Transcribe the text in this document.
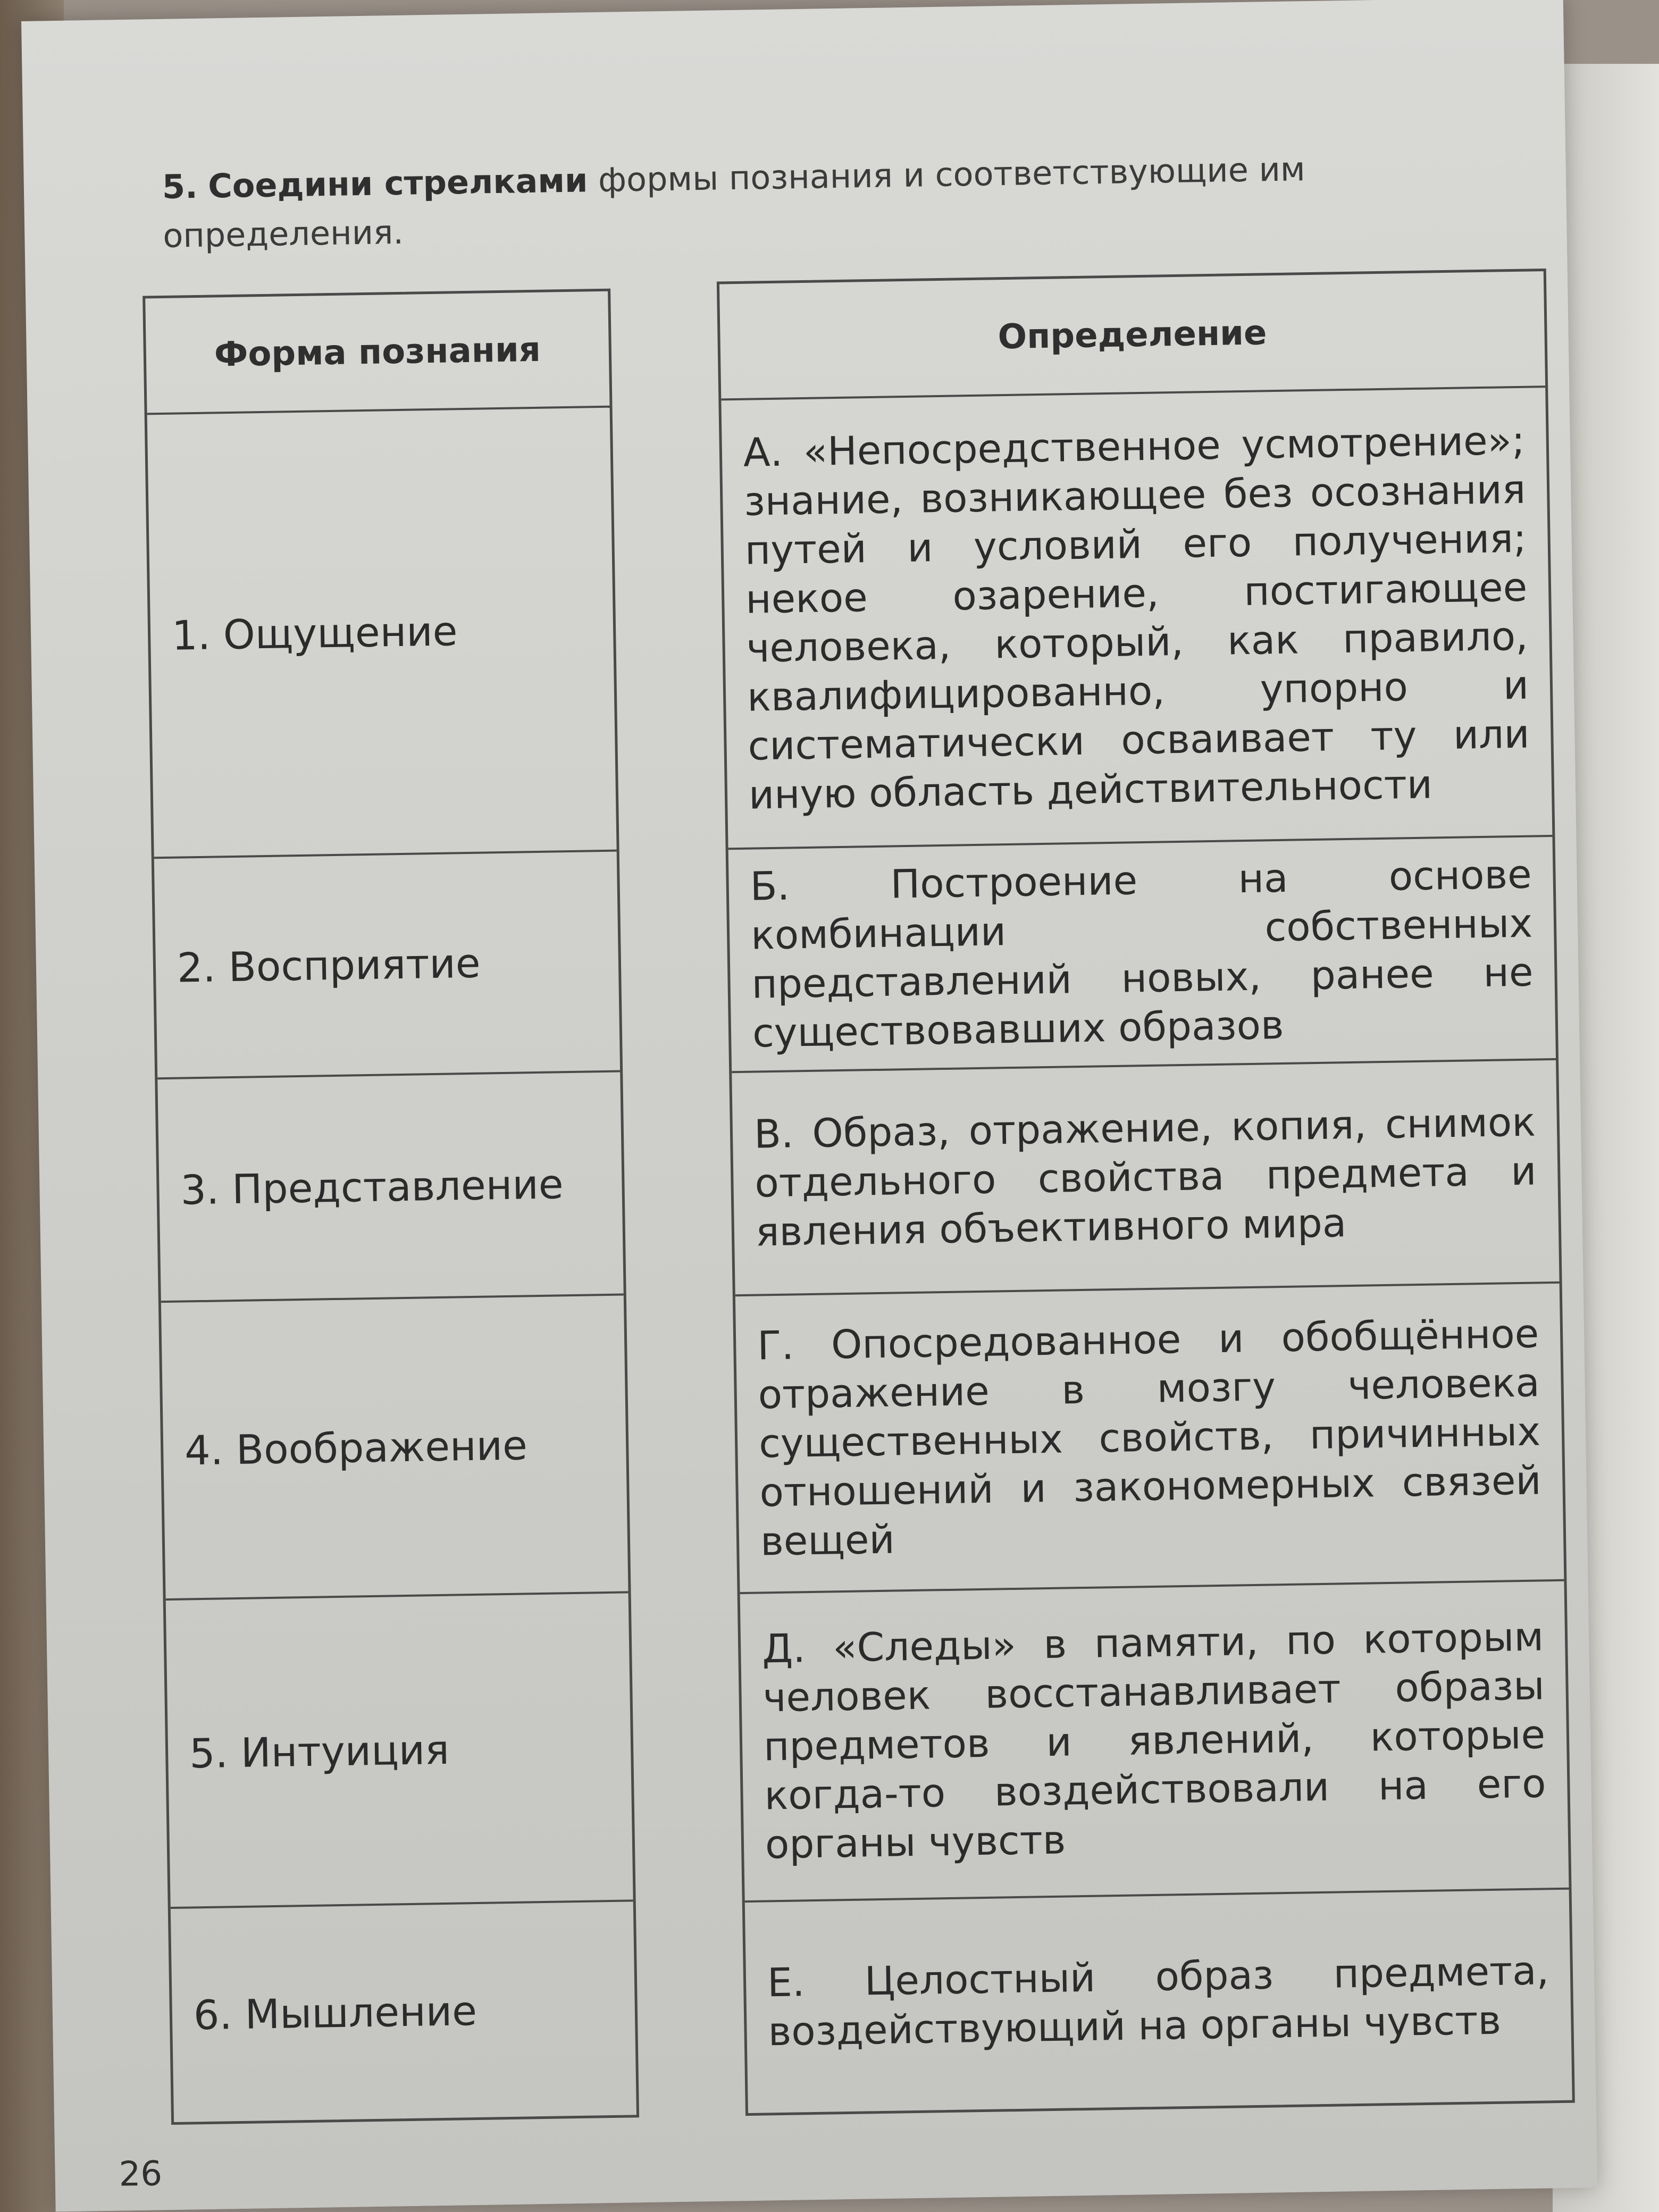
5. Соедини стрелками формы познания и соответствующие им
определения.
Форма познания
1. Ощущение
2. Восприятие
3. Представление
4. Воображение
5. Интуиция
6. Мышление
Определение
А. «Непосредственное усмотрение»; знание, возникающее без осознания путей и условий его получения; некое озарение, постигающее человека, который, как правило, квалифицированно, упорно и систематически осваивает ту или иную область действительности
Б. Построение на основе комбинации собственных представлений новых, ранее не существовавших образов
В. Образ, отражение, копия, снимок отдельного свойства предмета и явления объективного мира
Г. Опосредованное и обобщённое отражение в мозгу человека существенных свойств, причинных отношений и закономерных связей вещей
Д. «Следы» в памяти, по которым человек восстанавливает образы предметов и явлений, которые когда-то воздействовали на его органы чувств
Е. Целостный образ предмета, воздействующий на органы чувств
26
